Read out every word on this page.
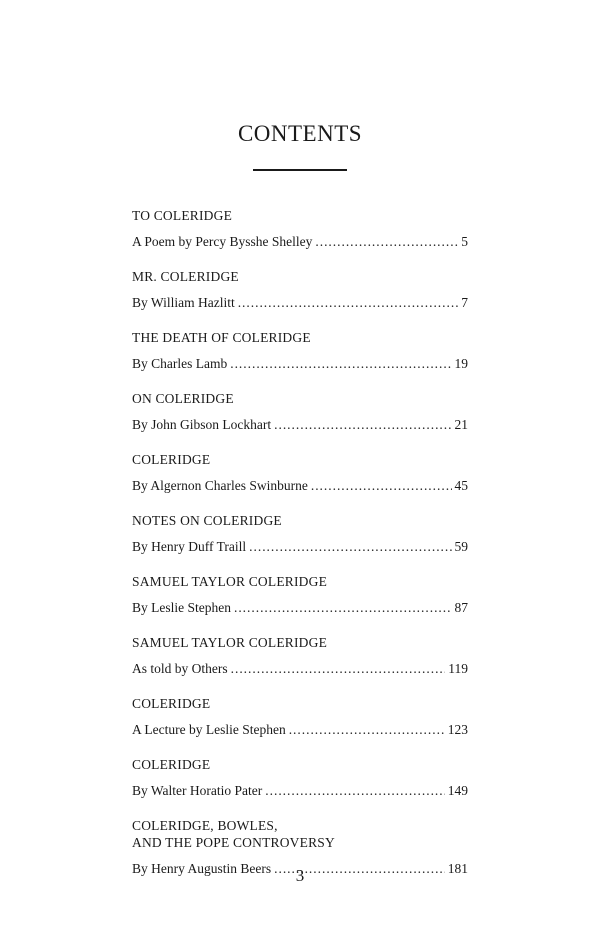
CONTENTS
TO COLERIDGE
A Poem by Percy Bysshe Shelley . . .	5
MR. COLERIDGE
By William Hazlitt . . .	7
THE DEATH OF COLERIDGE
By Charles Lamb . . .	19
ON COLERIDGE
By John Gibson Lockhart . . .	21
COLERIDGE
By Algernon Charles Swinburne . . .	45
NOTES ON COLERIDGE
By Henry Duff Traill . . .	59
SAMUEL TAYLOR COLERIDGE
By Leslie Stephen . . .	87
SAMUEL TAYLOR COLERIDGE
As told by Others . . .	119
COLERIDGE
A Lecture by Leslie Stephen . . .	123
COLERIDGE
By Walter Horatio Pater . . .	149
COLERIDGE, BOWLES,
AND THE POPE CONTROVERSY
By Henry Augustin Beers . . .	181
3
